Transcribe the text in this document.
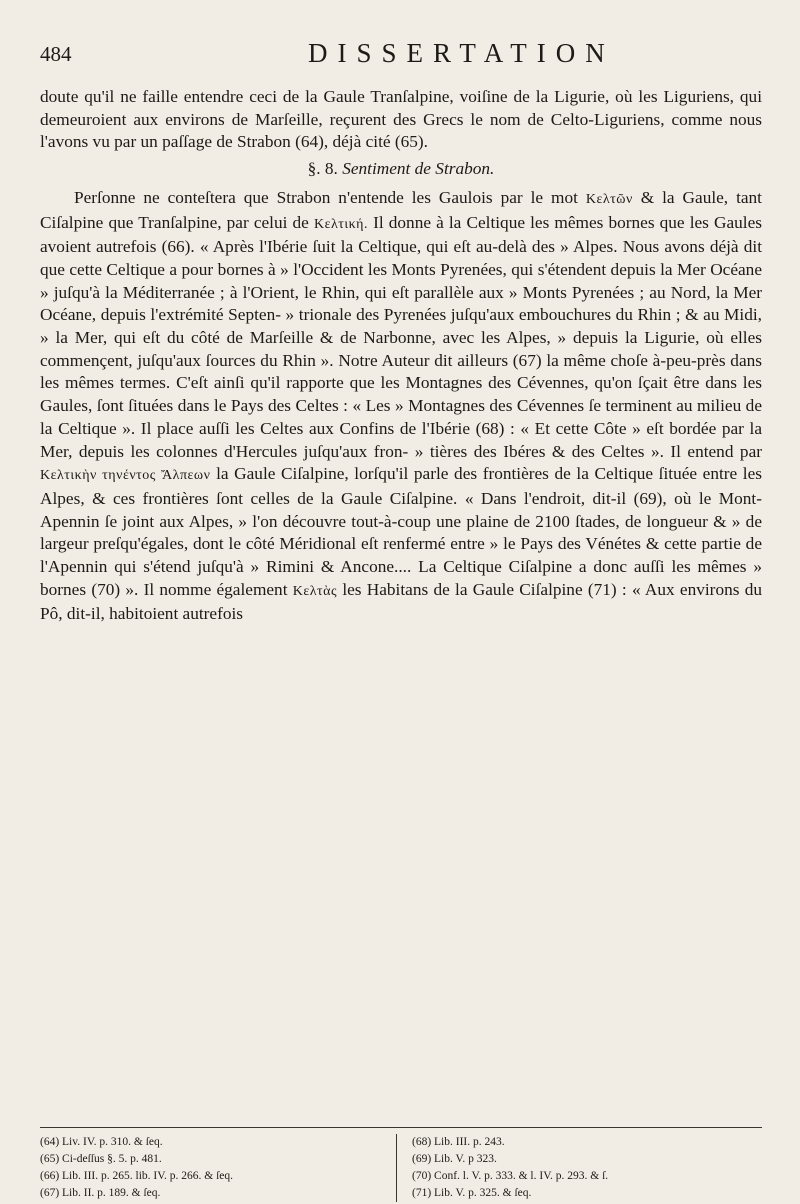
484	DISSERTATION

doute qu'il ne faille entendre ceci de la Gaule Tranſalpine, voiſine de la Ligurie, où les Liguriens, qui demeuroient aux environs de Marſeille, reçurent des Grecs le nom de Celto-Liguriens, comme nous l'avons vu par un paſſage de Strabon (64), déjà cité (65).

§. 8. Sentiment de Strabon.

Perſonne ne conteſtera que Strabon n'entende les Gaulois par le mot Κελτῶν & la Gaule, tant Ciſalpine que Tranſalpine, par celui de Κελτική. Il donne à la Celtique les mêmes bornes que les Gaules avoient autrefois (66). « Après l'Ibérie ſuit la Celtique, qui eſt au-delà des » Alpes. Nous avons déjà dit que cette Celtique a pour bornes à » l'Occident les Monts Pyrenées, qui s'étendent depuis la Mer Océane » juſqu'à la Méditerranée ; à l'Orient, le Rhin, qui eſt parallèle aux » Monts Pyrenées ; au Nord, la Mer Océane, depuis l'extrémité Septen- » trionale des Pyrenées juſqu'aux embouchures du Rhin ; & au Midi, » la Mer, qui eſt du côté de Marſeille & de Narbonne, avec les Alpes, » depuis la Ligurie, où elles commençent, juſqu'aux ſources du Rhin ». Notre Auteur dit ailleurs (67) la même choſe à-peu-près dans les mêmes termes. C'eſt ainſi qu'il rapporte que les Montagnes des Cévennes, qu'on ſçait être dans les Gaules, ſont ſituées dans le Pays des Celtes : « Les » Montagnes des Cévennes ſe terminent au milieu de la Celtique ». Il place auſſi les Celtes aux Confins de l'Ibérie (68) : « Et cette Côte » eſt bordée par la Mer, depuis les colonnes d'Hercules juſqu'aux fron- » tières des Ibéres & des Celtes ». Il entend par Κελτικὴν τηνέντος Ἄλπεων la Gaule Ciſalpine, lorſqu'il parle des frontières de la Celtique ſituée entre les Alpes, & ces frontières ſont celles de la Gaule Ciſalpine. « Dans l'endroit, dit-il (69), où le Mont-Apennin ſe joint aux Alpes, » l'on découvre tout-à-coup une plaine de 2100 ſtades, de longueur & » de largeur preſqu'égales, dont le côté Méridional eſt renfermé entre » le Pays des Vénétes & cette partie de l'Apennin qui s'étend juſqu'à » Rimini & Ancone.... La Celtique Ciſalpine a donc auſſi les mêmes » bornes (70) ». Il nomme également Κελτὰς les Habitans de la Gaule Ciſalpine (71) : « Aux environs du Pô, dit-il, habitoient autrefois

(64) Liv. IV. p. 310. & ſeq.
(65) Ci-deſſus §. 5. p. 481.
(66) Lib. III. p. 265. lib. IV. p. 266. & ſeq.
(67) Lib. II. p. 189. & ſeq.
(68) Lib. III. p. 243.
(69) Lib. V. p 323.
(70) Conf. l. V. p. 333. & l. IV. p. 293. & ſ.
(71) Lib. V. p. 325. & ſeq.
